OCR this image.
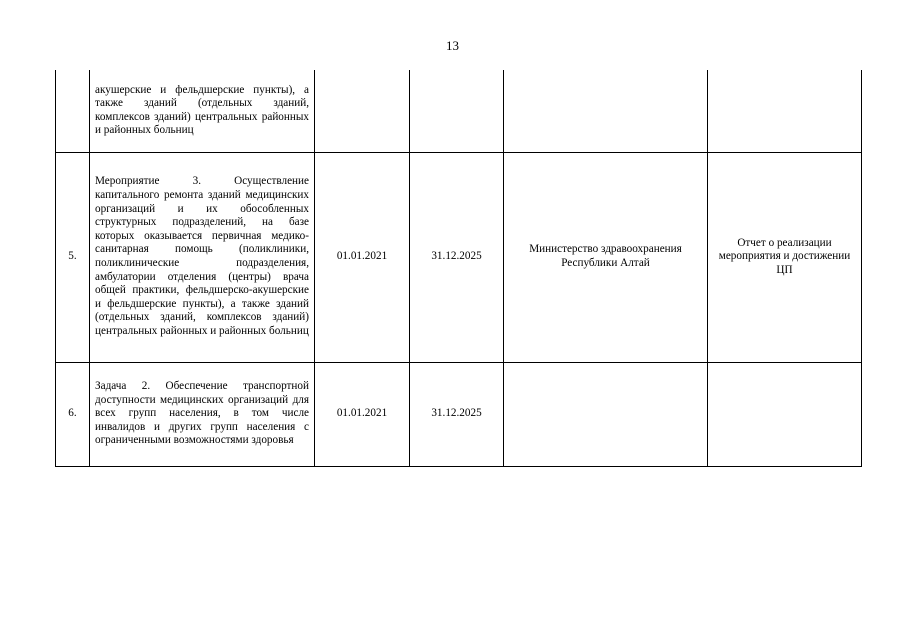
13
	акушерские и фельдшерские пункты), а также зданий (отдельных зданий, комплексов зданий) центральных районных и районных больниц				
5.	Мероприятие 3. Осуществление капитального ремонта зданий медицинских организаций и их обособленных структурных подразделений, на базе которых оказывается первичная медико-санитарная помощь (поликлиники, поликлинические подразделения, амбулатории отделения (центры) врача общей практики, фельдшерско-акушерские и фельдшерские пункты), а также зданий (отдельных зданий, комплексов зданий) центральных районных и районных больниц	01.01.2021	31.12.2025	Министерство здравоохранения Республики Алтай	Отчет о реализации мероприятия и достижении ЦП
6.	Задача 2. Обеспечение транспортной доступности медицинских организаций для всех групп населения, в том числе инвалидов и других групп населения с ограниченными возможностями здоровья	01.01.2021	31.12.2025		
